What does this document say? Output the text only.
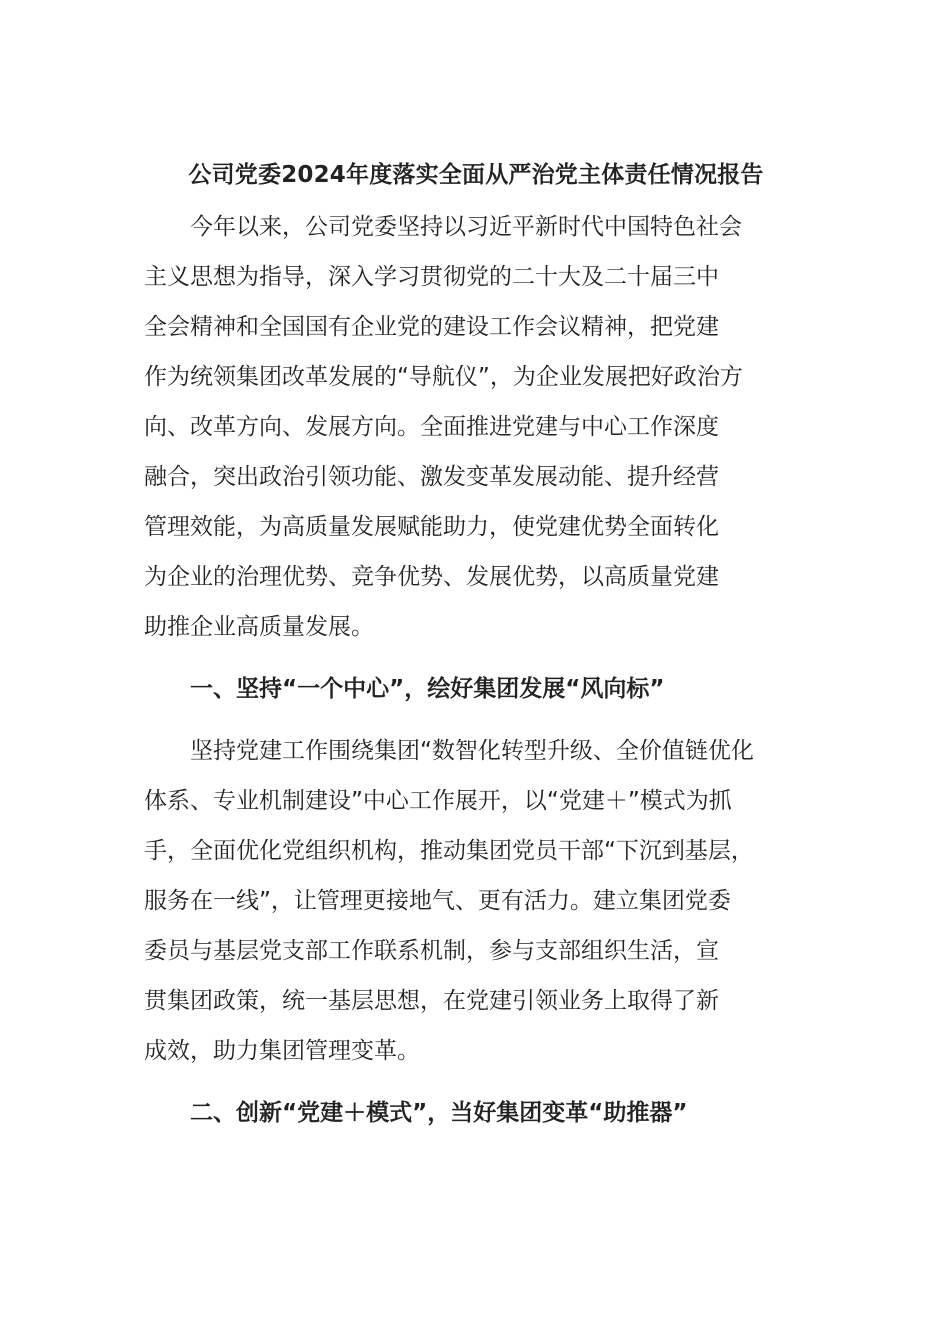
公司党委2024年度落实全面从严治党主体责任情况报告
今年以来，公司党委坚持以习近平新时代中国特色社会
主义思想为指导，深入学习贯彻党的二十大及二十届三中
全会精神和全国国有企业党的建设工作会议精神，把党建
作为统领集团改革发展的“导航仪”，为企业发展把好政治方
向、改革方向、发展方向。全面推进党建与中心工作深度
融合，突出政治引领功能、激发变革发展动能、提升经营
管理效能，为高质量发展赋能助力，使党建优势全面转化
为企业的治理优势、竞争优势、发展优势，以高质量党建
助推企业高质量发展。
一、坚持“一个中心”，绘好集团发展“风向标”
坚持党建工作围绕集团“数智化转型升级、全价值链优化
体系、专业机制建设”中心工作展开，以“党建＋”模式为抓
手，全面优化党组织机构，推动集团党员干部“下沉到基层，
服务在一线”，让管理更接地气、更有活力。建立集团党委
委员与基层党支部工作联系机制，参与支部组织生活，宣
贯集团政策，统一基层思想，在党建引领业务上取得了新
成效，助力集团管理变革。
二、创新“党建＋模式”，当好集团变革“助推器”
